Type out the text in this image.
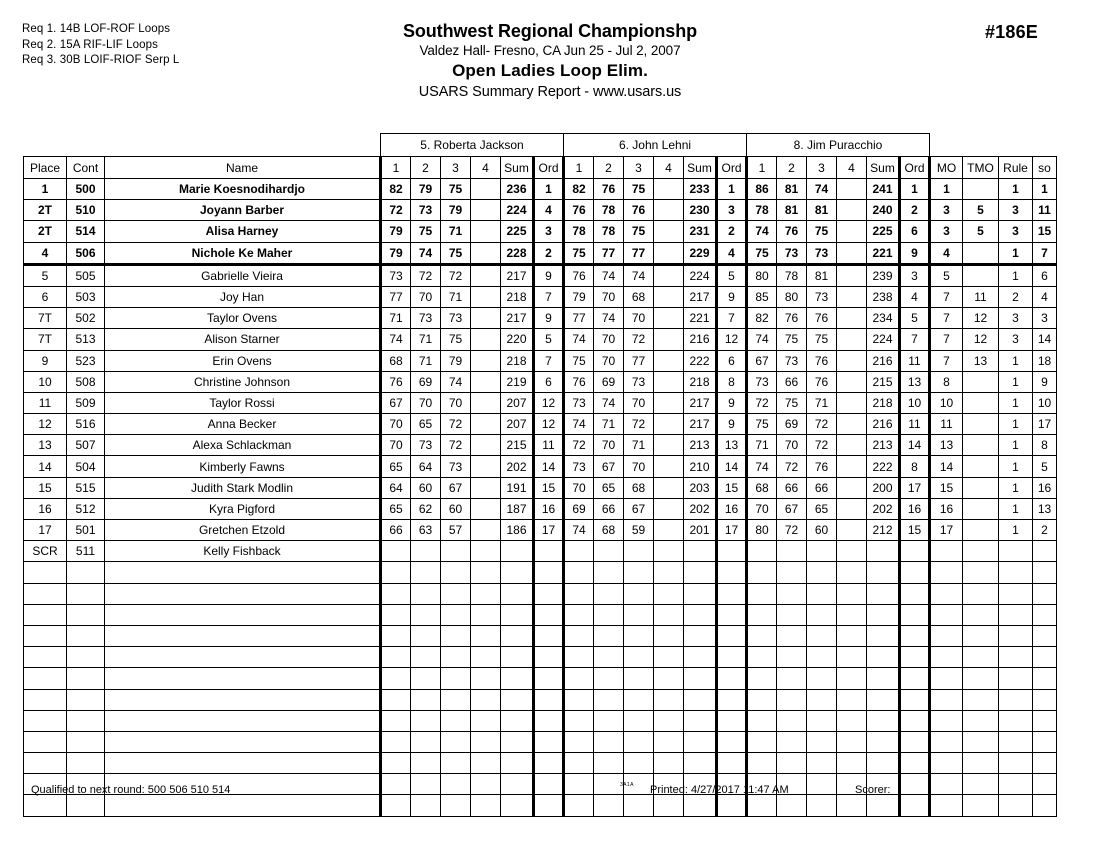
Req 1. 14B LOF-ROF Loops
Req 2. 15A RIF-LIF Loops
Req 3. 30B LOIF-RIOF Serp L
Southwest Regional Championshp
Valdez Hall- Fresno, CA Jun 25 - Jul 2, 2007
Open Ladies Loop Elim.
USARS Summary Report - www.usars.us
#186E
			5. Roberta Jackson						6. John Lehni						8. Jim Puracchio									
Place	Cont	Name	1	2	3	4	Sum	Ord	1	2	3	4	Sum	Ord	1	2	3	4	Sum	Ord	MO	TMO	Rule	so
1	500	Marie Koesnodihardjo	82	79	75		236	1	82	76	75		233	1	86	81	74		241	1	1		1	1
2T	510	Joyann Barber	72	73	79		224	4	76	78	76		230	3	78	81	81		240	2	3	5	3	11
2T	514	Alisa Harney	79	75	71		225	3	78	78	75		231	2	74	76	75		225	6	3	5	3	15
4	506	Nichole Ke Maher	79	74	75		228	2	75	77	77		229	4	75	73	73		221	9	4		1	7
5	505	Gabrielle Vieira	73	72	72		217	9	76	74	74		224	5	80	78	81		239	3	5		1	6
6	503	Joy Han	77	70	71		218	7	79	70	68		217	9	85	80	73		238	4	7	11	2	4
7T	502	Taylor Ovens	71	73	73		217	9	77	74	70		221	7	82	76	76		234	5	7	12	3	3
7T	513	Alison Starner	74	71	75		220	5	74	70	72		216	12	74	75	75		224	7	7	12	3	14
9	523	Erin Ovens	68	71	79		218	7	75	70	77		222	6	67	73	76		216	11	7	13	1	18
10	508	Christine Johnson	76	69	74		219	6	76	69	73		218	8	73	66	76		215	13	8		1	9
11	509	Taylor Rossi	67	70	70		207	12	73	74	70		217	9	72	75	71		218	10	10		1	10
12	516	Anna Becker	70	65	72		207	12	74	71	72		217	9	75	69	72		216	11	11		1	17
13	507	Alexa Schlackman	70	73	72		215	11	72	70	71		213	13	71	70	72		213	14	13		1	8
14	504	Kimberly Fawns	65	64	73		202	14	73	67	70		210	14	74	72	76		222	8	14		1	5
15	515	Judith Stark Modlin	64	60	67		191	15	70	65	68		203	15	68	66	66		200	17	15		1	16
16	512	Kyra Pigford	65	62	60		187	16	69	66	67		202	16	70	67	65		202	16	16		1	13
17	501	Gretchen Etzold	66	63	57		186	17	74	68	59		201	17	80	72	60		212	15	17		1	2
SCR	511	Kelly Fishback																						

Qualified to next round: 500 506 510 514	3A1A Printed: 4/27/2017 11:47 AM	Scorer:
